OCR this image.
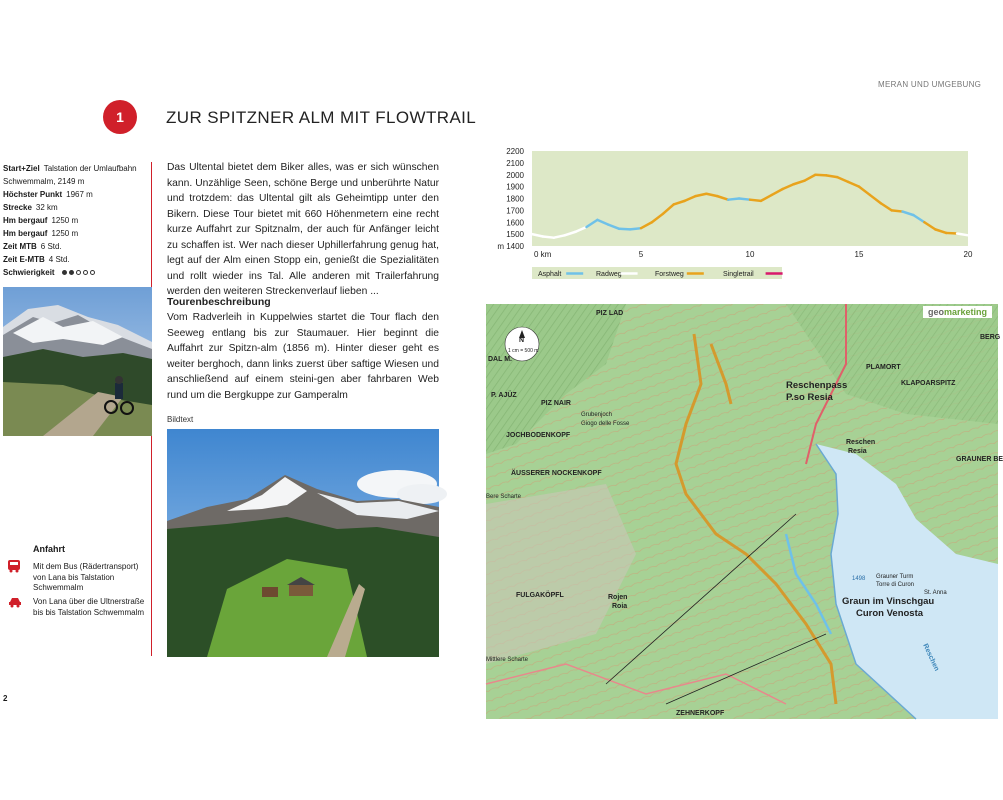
MERAN UND UMGEBUNG
1	ZUR SPITZNER ALM MIT FLOWTRAIL
Start+Ziel Talstation der Umlaufbahn Schwemmalm, 2149 m
Höchster Punkt 1967 m
Strecke 32 km
Hm bergauf 1250 m
Hm bergauf 1250 m
Zeit MTB 6 Std.
Zeit E-MTB 4 Std.
Schwierigkeit
Anfahrt
Mit dem Bus (Rädertransport) von Lana bis Talstation Schwemmalm
Von Lana über die Ultnerstraße bis bis Talstation Schwemmalm
2
Das Ultental bietet dem Biker alles, was er sich wünschen kann. Unzählige Seen, schöne Berge und unberührte Natur und trotzdem: das Ultental gilt als Geheimtipp unter den Bikern. Diese Tour bietet mit 660 Höhenmetern eine recht kurze Auffahrt zur Spitznalm, der auch für Anfänger leicht zu schaffen ist. Wer nach dieser Uphillerfahrung genug hat, legt auf der Alm einen Stopp ein, genießt die Spezialitäten und rollt wieder ins Tal. Alle anderen mit Trailerfahrung werden den weiteren Streckenverlauf lieben ...
Tourenbeschreibung
Vom Radverleih in Kuppelwies startet die Tour flach den Seeweg entlang bis zur Staumauer. Hier beginnt die Auffahrt zur Spitzn-alm (1856 m). Hinter dieser geht es weiter berghoch, dann links zuerst über saftige Wiesen und anschließend auf einem steini-gen aber fahrbaren Web rund um die Bergkuppe zur Gamperalm
Bildtext
m 1400
1500
1600
1700
1800
1900
2000
2100
2200
0 km	5	10	15	20
Asphalt	Radweg	Forstweg	Singletrail
geomarketing
N
1 cm = 500 m
PIZ LAD
DAL M.
P. AJÜZ
PIZ NAIR
Grubenjoch
Giogo delle Fosse
JOCHBODENKOPF
ÄUSSERER NOCKENKOPF
Bere Scharte
FULGAKÖPFL	Rojen
Roia
Mittlere Scharte
ZEHNERKOPF
Reschenpass
P.so Resia
PLAMORT
KLAPOARSPITZ
BERG
Reschen
Resia
GRAUNER BE
Grauner Turm
Torre di Curon
St. Anna
Graun im Vinschgau
Curon Venosta
1498
Reschen
